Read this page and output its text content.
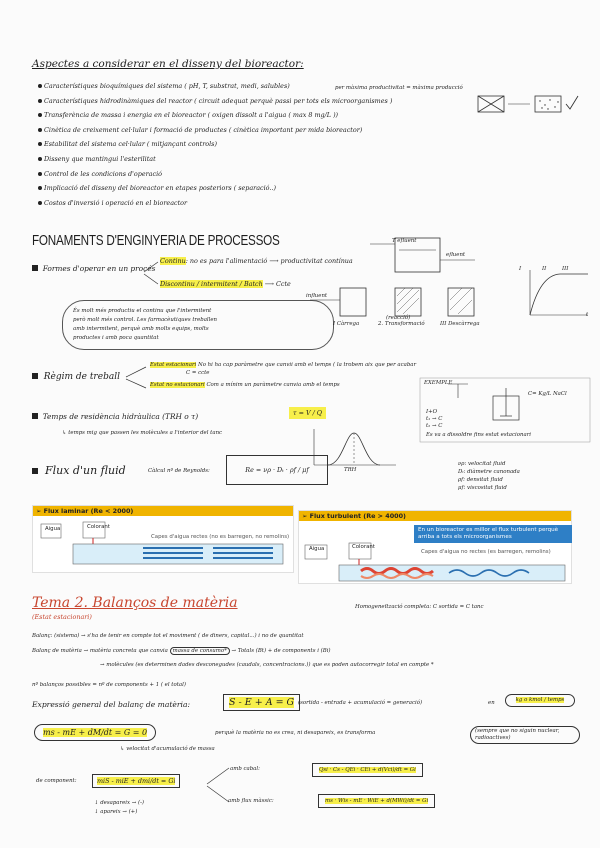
Aspectes a considerar en el disseny del bioreactor:
Característiques bioquímiques del sistema ( pH, T, substrat, medi, salubles)
Característiques hidrodinàmiques del reactor ( circuit adequat perquè passi per tots els microorganismes )
Transferència de massa i energia en el bioreactor ( oxigen dissolt a l'aigua ( max 8 mg/L ))
Cinètica de creixement cel·lular i formació de productes ( cinètica important per mida bioreactor)
Estabilitat del sistema cel·lular ( mitjançant controls)
Disseny que mantingui l'esterilitat
Control de les condicions d'operació
Implicació del disseny del bioreactor en etapes posteriors ( separació..)
Costos d'inversió i operació en el bioreactor
per màxima productivitat = màxima producció
FONAMENTS D'ENGINYERIA DE PROCESSOS
Formes d'operar en un procés
Continu: no es para l'alimentació ⟶ productivitat contínua
Discontinu / intermitent / Batch ⟶ Ccte
És molt més productiu el continu que l'intermitent
però molt més control. Les farmacèutiques treballen
amb intermitent, perquè amb molts equips, molts
productes i amb poca quantitat
T efluent
efluent
influent
I Càrrega
(reacció)
2. Transformació	III Descàrrega
I	II	III
t
Règim de treball
Estat estacionari No hi ha cap paràmetre que canvii amb el temps ( la trobem aix que per acabar
C = ccte
Estat no estacionari Com a mínim un paràmetre canvia amb el temps	EXEMPLE
C= Kg/L NaCl
I+O
t₁ → C
t₂ → C
Es va a dissoldre fins estat estacionari
Temps de residència hidràulica (TRH o τ)	τ = V / Q
↳ temps mig que passen les molècules a l'interior del tanc
TRH
Flux d'un fluid	Càlcul nº de Reynolds:	Re = νρ · Dₜ · ρf / μf
νρ: velocitat fluid
Dₜ: diàmetre canonada
ρf: densitat fluid
μf: viscositat fluid
➢ Flux laminar (Re < 2000)
Aigua	Colorant
Capes d'aigua rectes (no es barregen, no remolins)
➢ Flux turbulent (Re > 4000)
En un bioreactor es millor el flux turbulent perquè arriba a tots els microorganismes
Aigua	Colorant
Capes d'aigua no rectes (es barregen, remolins)
Tema 2. Balanços de matèria
(Estat estacionari)
Homogeneïtzació completa: C sortida = C tanc
Balanç: (sistema) → s'ha de tenir en compte tot el moviment ( de diners, capital...) i no de quantitat
Balanç de matèria → matèria concreta que canvia massa de consumo* → Totals (Bt) + de components i (Bi)
→ molècules (es determinen dades desconegudes (caudals, concentracions.)) que es poden autocorregir total en compte *
nº balanços possibles = nº de components + 1 ( el total)
Expressió general del balanç de matèria:	S - E + A = G (sortida - entrada + acumulació = generació)	en	kg o kmol / temps
ms - mE + dM/dt = G = 0	perquè la matèria no es crea, ni desapareix, es transforma	(sempre que no siguin nuclear, radioactives)
↳ velocitat d'acumulació de massa
de component:	miS - miE + dmi/dt = Gi
amb cabal:	Qsi · Cs - QEi · CEi + d(Vci)/dt = Gi
amb flux màssic:	ms · Wis - mE · WiE + d(MWi)/dt = Gi
↓ desapareix → (-)
↓ apareix → (+)
